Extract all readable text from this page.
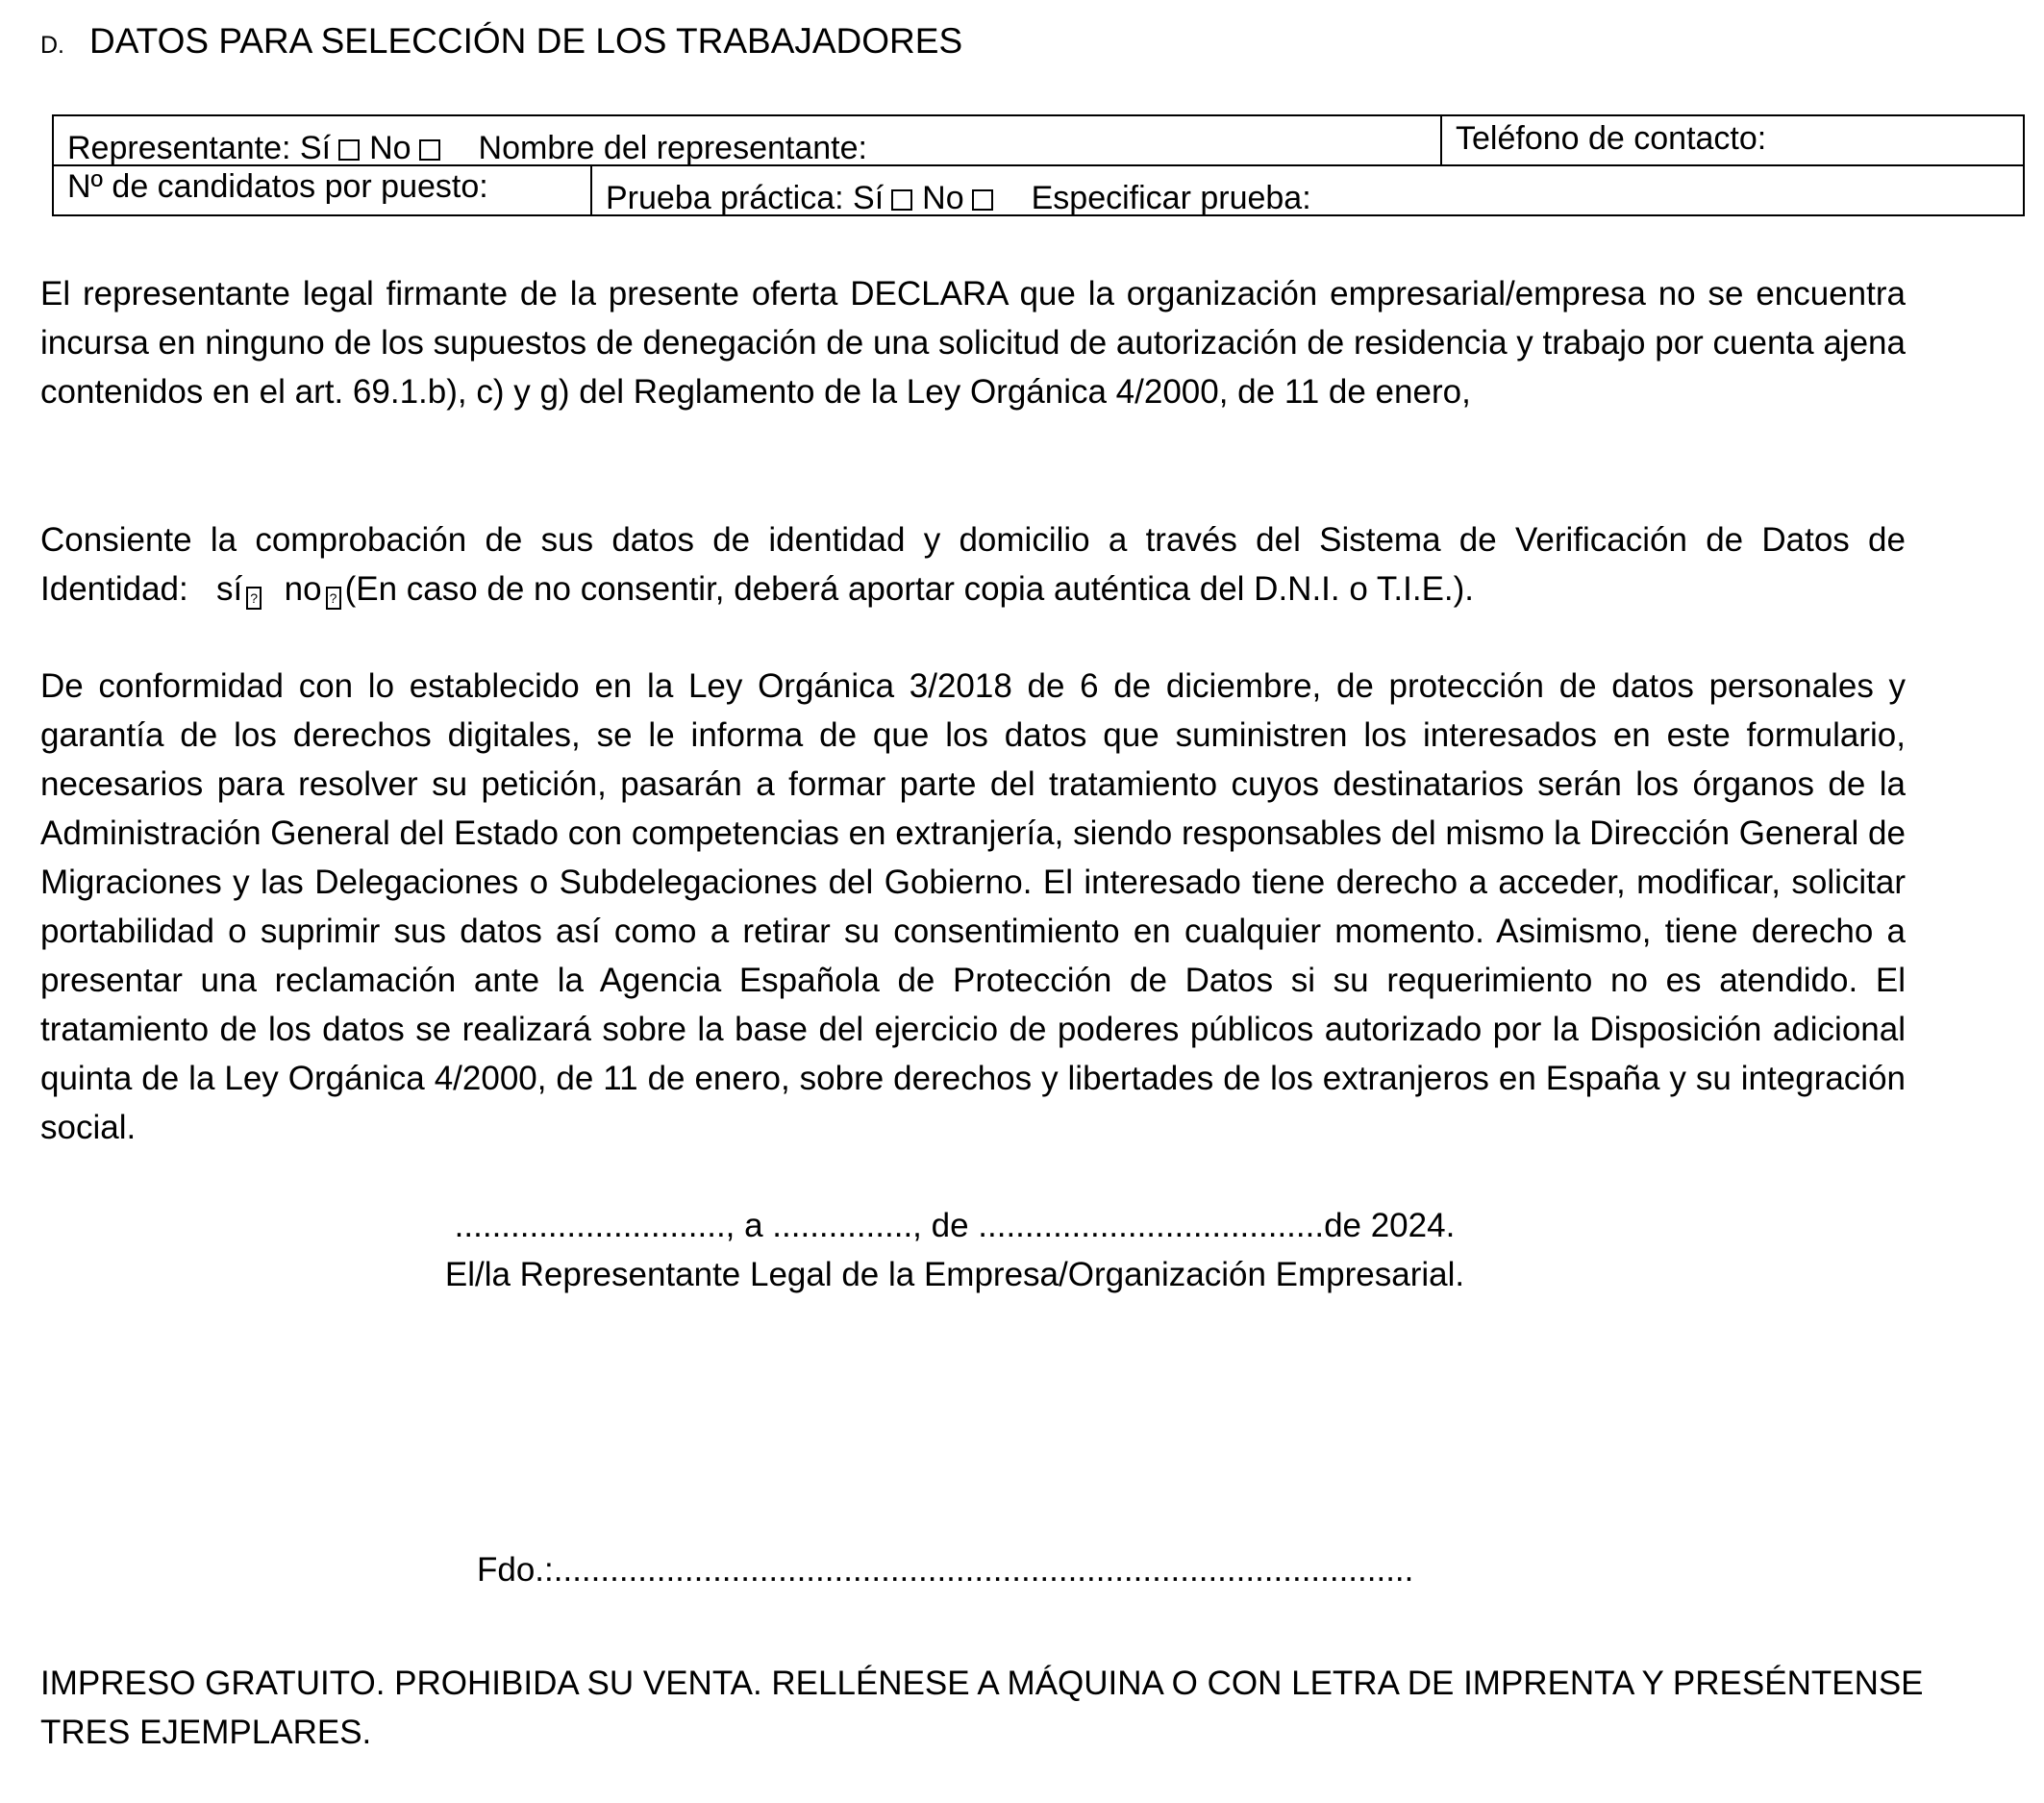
D. DATOS PARA SELECCIÓN DE LOS TRABAJADORES
Representante: Sí No Nombre del representante:	Teléfono de contacto:
Nº de candidatos por puesto:	Prueba práctica: Sí No Especificar prueba:

El representante legal firmante de la presente oferta DECLARA que la organización empresarial/empresa no se encuentra incursa en ninguno de los supuestos de denegación de una solicitud de autorización de residencia y trabajo por cuenta ajena contenidos en el art. 69.1.b), c) y g) del Reglamento de la Ley Orgánica 4/2000, de 11 de enero,

Consiente la comprobación de sus datos de identidad y domicilio a través del Sistema de Verificación de Datos de Identidad: sí ? no ? (En caso de no consentir, deberá aportar copia auténtica del D.N.I. o T.I.E.).

De conformidad con lo establecido en la Ley Orgánica 3/2018 de 6 de diciembre, de protección de datos personales y garantía de los derechos digitales, se le informa de que los datos que suministren los interesados en este formulario, necesarios para resolver su petición, pasarán a formar parte del tratamiento cuyos destinatarios serán los órganos de la Administración General del Estado con competencias en extranjería, siendo responsables del mismo la Dirección General de Migraciones y las Delegaciones o Subdelegaciones del Gobierno. El interesado tiene derecho a acceder, modificar, solicitar portabilidad o suprimir sus datos así como a retirar su consentimiento en cualquier momento. Asimismo, tiene derecho a presentar una reclamación ante la Agencia Española de Protección de Datos si su requerimiento no es atendido. El tratamiento de los datos se realizará sobre la base del ejercicio de poderes públicos autorizado por la Disposición adicional quinta de la Ley Orgánica 4/2000, de 11 de enero, sobre derechos y libertades de los extranjeros en España y su integración social.

............................., a ..............., de .....................................de 2024.
El/la Representante Legal de la Empresa/Organización Empresarial.
Fdo.:............................................................................................

IMPRESO GRATUITO. PROHIBIDA SU VENTA. RELLÉNESE A MÁQUINA O CON LETRA DE IMPRENTA Y PRESÉNTENSE TRES EJEMPLARES.
